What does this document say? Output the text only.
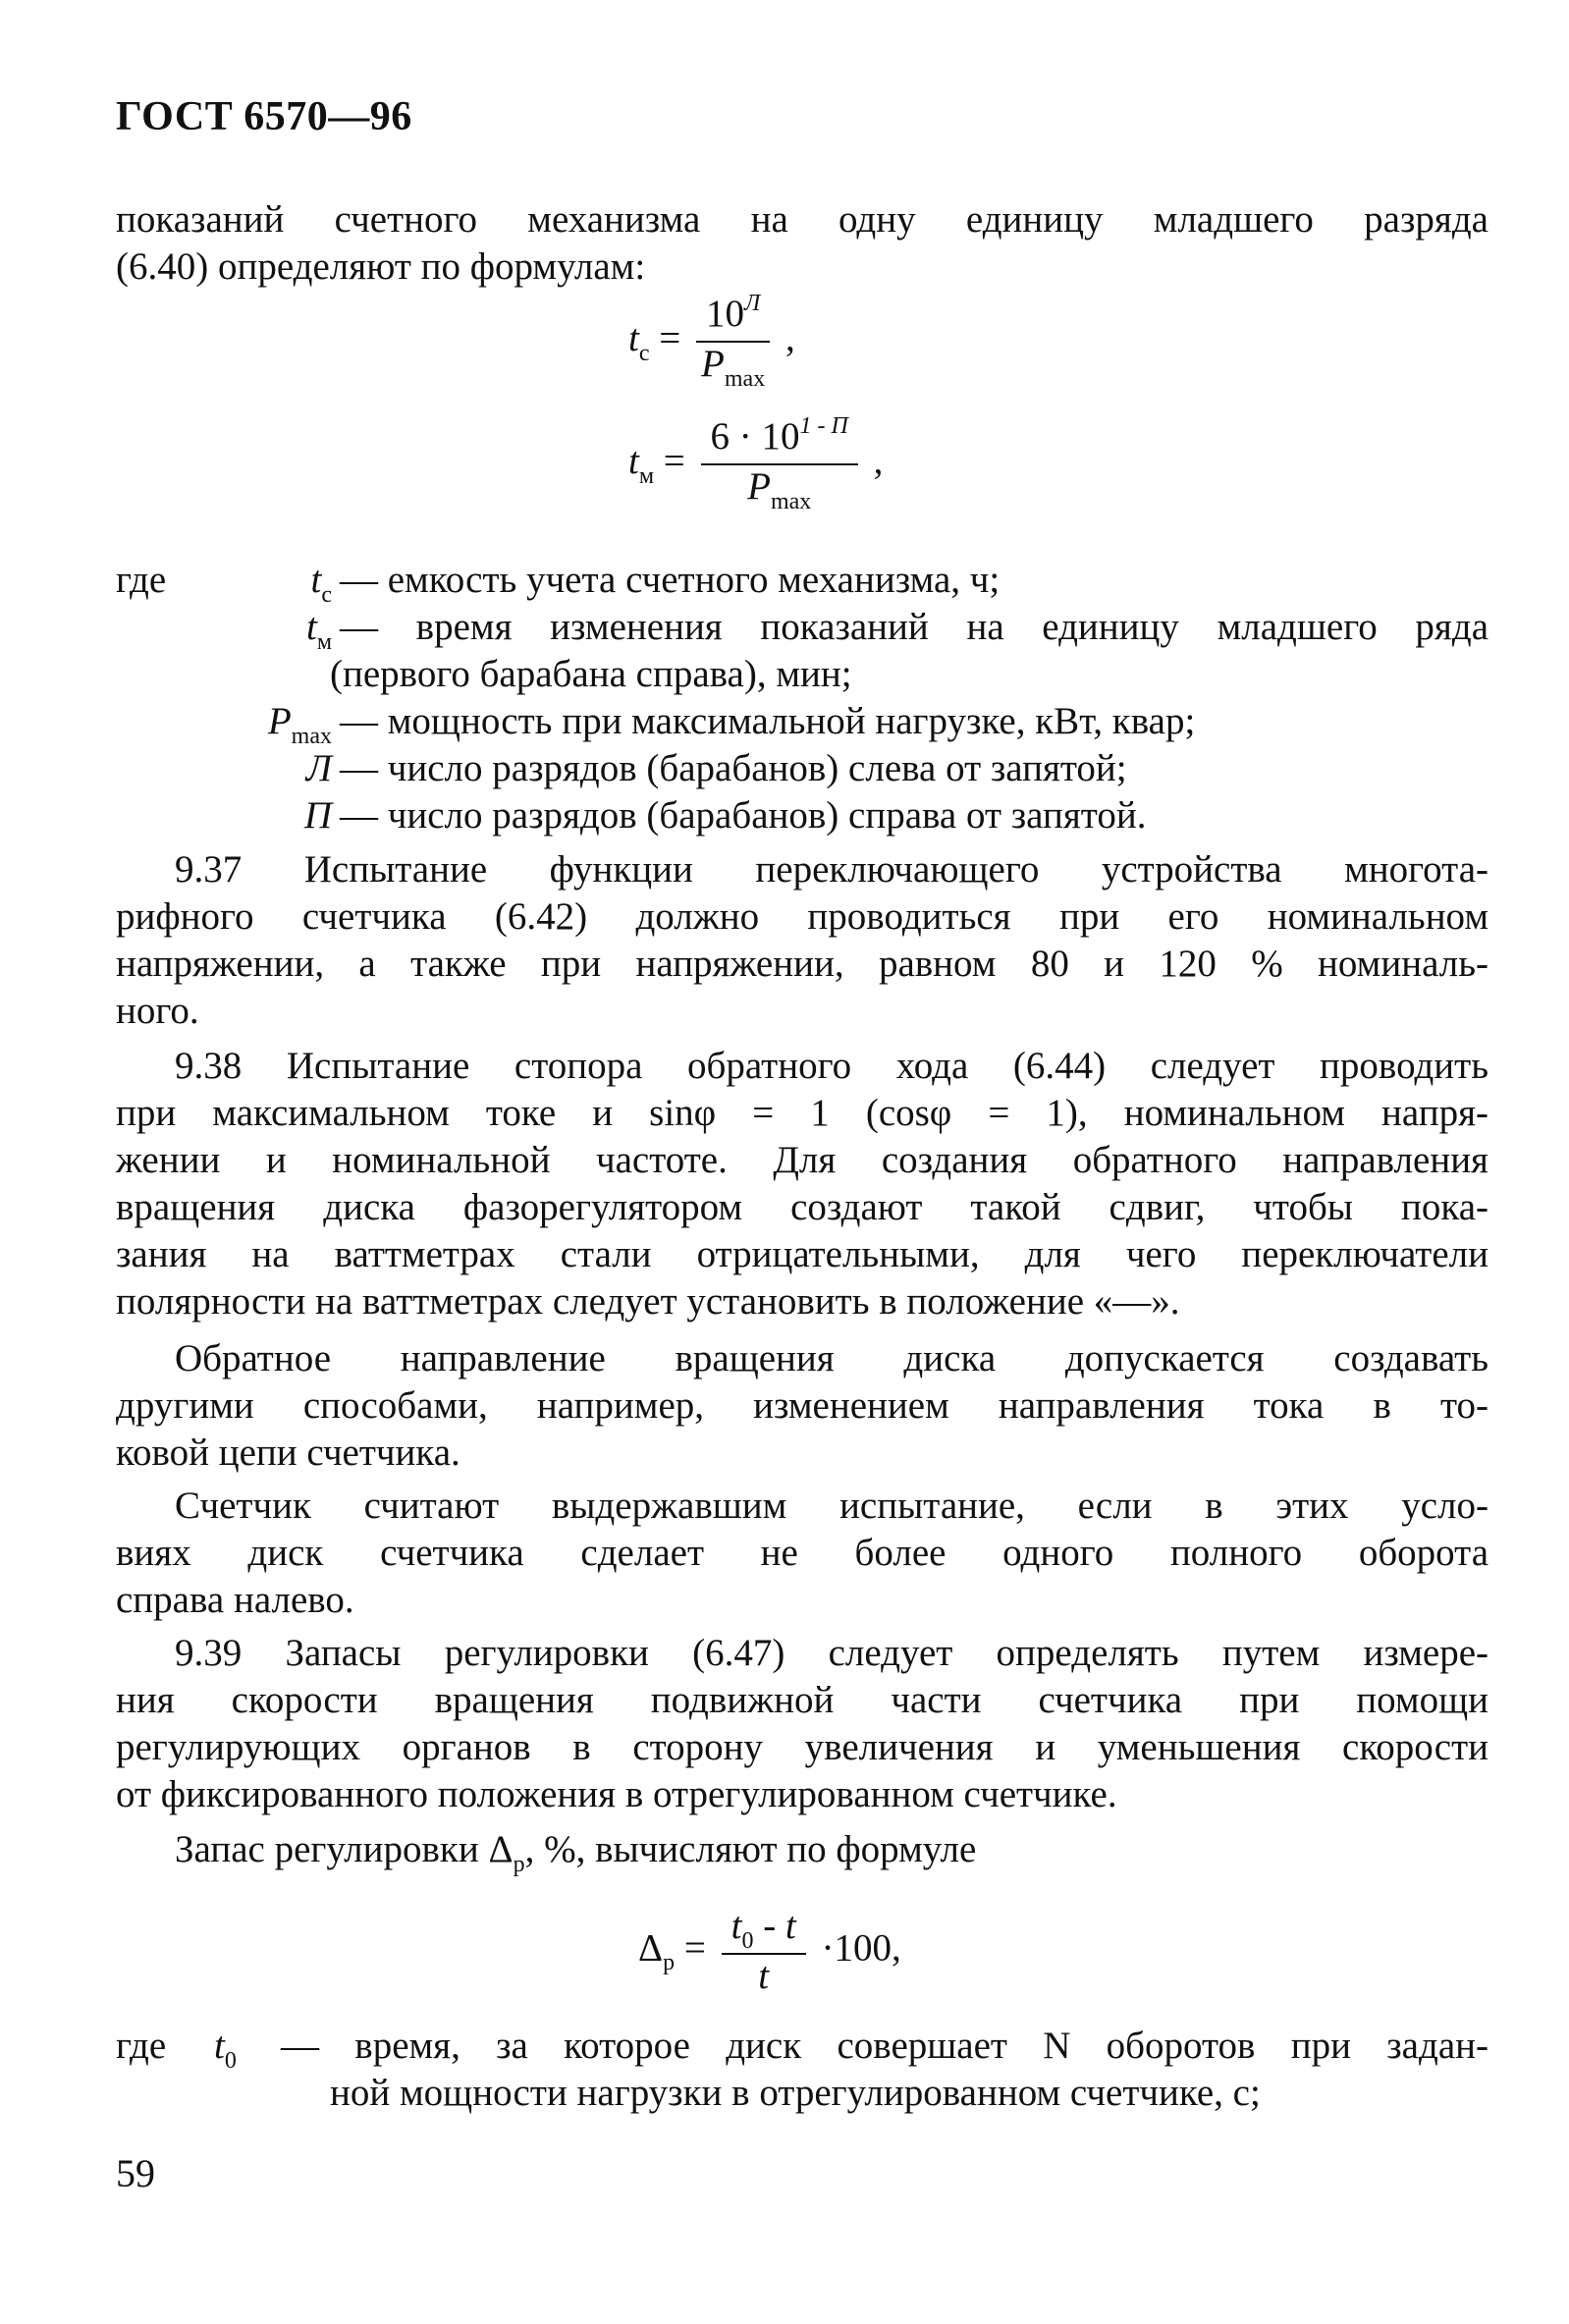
ГОСТ 6570—96
показаний счетного механизма на одну единицу младшего разряда
(6.40) определяют по формулам:
$t_с = \frac{10^Л}{P_{max}}$ ,
$t_м = \frac{6 \cdot 10^{1 - П}}{P_{max}}$ ,
где	$t_с$ — емкость учета счетного механизма, ч;
$t_м$ — время изменения показаний на единицу младшего ряда
(первого барабана справа), мин;
$P_{max}$ — мощность при максимальной нагрузке, кВт, квар;
Л — число разрядов (барабанов) слева от запятой;
П — число разрядов (барабанов) справа от запятой.
9.37 Испытание функции переключающего устройства многота-
рифного счетчика (6.42) должно проводиться при его номинальном
напряжении, а также при напряжении, равном 80 и 120 % номиналь-
ного.
9.38 Испытание стопора обратного хода (6.44) следует проводить
при максимальном токе и sinφ = 1 (cosφ = 1), номинальном напря-
жении и номинальной частоте. Для создания обратного направления
вращения диска фазорегулятором создают такой сдвиг, чтобы пока-
зания на ваттметрах стали отрицательными, для чего переключатели
полярности на ваттметрах следует установить в положение «—».
Обратное направление вращения диска допускается создавать
другими способами, например, изменением направления тока в то-
ковой цепи счетчика.
Счетчик считают выдержавшим испытание, если в этих усло-
виях диск счетчика сделает не более одного полного оборота
справа налево.
9.39 Запасы регулировки (6.47) следует определять путем измере-
ния скорости вращения подвижной части счетчика при помощи
регулирующих органов в сторону увеличения и уменьшения скорости
от фиксированного положения в отрегулированном счетчике.
Запас регулировки $\Delta_р$, %, вычисляют по формуле
$\Delta_р = \frac{t_0 - t}{t} \cdot 100$,
где $t_0$ — время, за которое диск совершает N оборотов при задан-
ной мощности нагрузки в отрегулированном счетчике, с;
59
